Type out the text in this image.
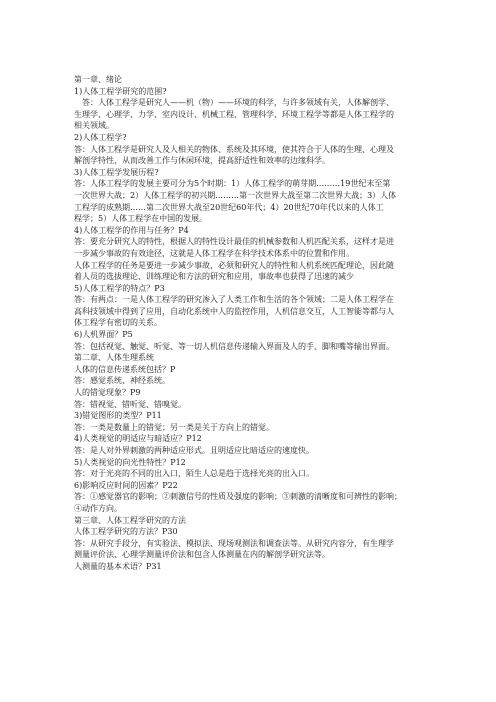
第一章、绪论
1)人体工程学研究的范围?
　答：人体工程学是研究人——机（物）——环境的科学，与许多领域有关，人体解剖学、
生理学、心理学、力学、室内设计、机械工程、管理科学、环境工程学等都是人体工程学的
相关领域。
2)人体工程学?
答：人体工程学是研究人及人相关的物体、系统及其环境，使其符合于人体的生理、心理及
解剖学特性，从而改善工作与休闲环境，提高舒适性和效率的边缘科学。
3)人体工程学发展历程?
答：人体工程学的发展主要可分为5个时期：1）人体工程学的萌芽期………19世纪末至第
一次世界大战；2）人体工程学的初兴期………第一次世界大战至第二次世界大战；3）人体
工程学的成熟期……第二次世界大战至20世纪60年代；4）20世纪70年代以来的人体工
程学；5）人体工程学在中国的发展。
4)人体工程学的作用与任务？P4
答：要充分研究人的特性，根据人的特性设计最佳的机械参数和人机匹配关系，这样才是进
一步减少事故的有效途径，这就是人体工程学在科学技术体系中的位置和作用。
人体工程学的任务是要进一步减少事故，必须和研究人的特性和人机系统匹配理论，因此随
着人员的选拔理论、训练理论和方法的研究和应用，事故率也获得了迅速的减少
5)人体工程学的特点？P3
答：有两点：一是人体工程学的研究渗入了人类工作和生活的各个领域；二是人体工程学在
高科技领域中得到了应用，自动化系统中人的监控作用，人机信息交互，人工智能等都与人
体工程学有密切的关系。
6)人机界面？P5
答：包括视觉、触觉、听觉、等一切人机信息传递输入界面及人的手、脚和嘴等输出界面。
第二章、人体生理系统
人体的信息传递系统包括？P
答：感觉系统、神经系统。
人的错觉现象？P9
答：错视觉、错听觉、错嗅觉。
3)错觉图形的类型？P11
答：一类是数量上的错觉；另一类是关于方向上的错觉。
4)人类视觉的明适应与暗适应？P12
答：是人对外界刺激的两种适应形式。且明适应比暗适应的速度快。
5)人类视觉的向光性特性？P12
答：对于光亮的不同的出入口，陌生人总是趋于选择光亮的出入口。
6)影响反应时间的因素？P22
答：①感觉器官的影响；②刺激信号的性质及强度的影响；③刺激的清晰度和可辨性的影响；
④动作方向。
第三章、人体工程学研究的方法
人体工程学研究的方法？P30
答：从研究手段分，有实验法、模拟法、现场观测法和调查法等。从研究内容分，有生理学
测量评价法、心理学测量评价法和包含人体测量在内的解剖学研究法等。
人测量的基本术语？P31
